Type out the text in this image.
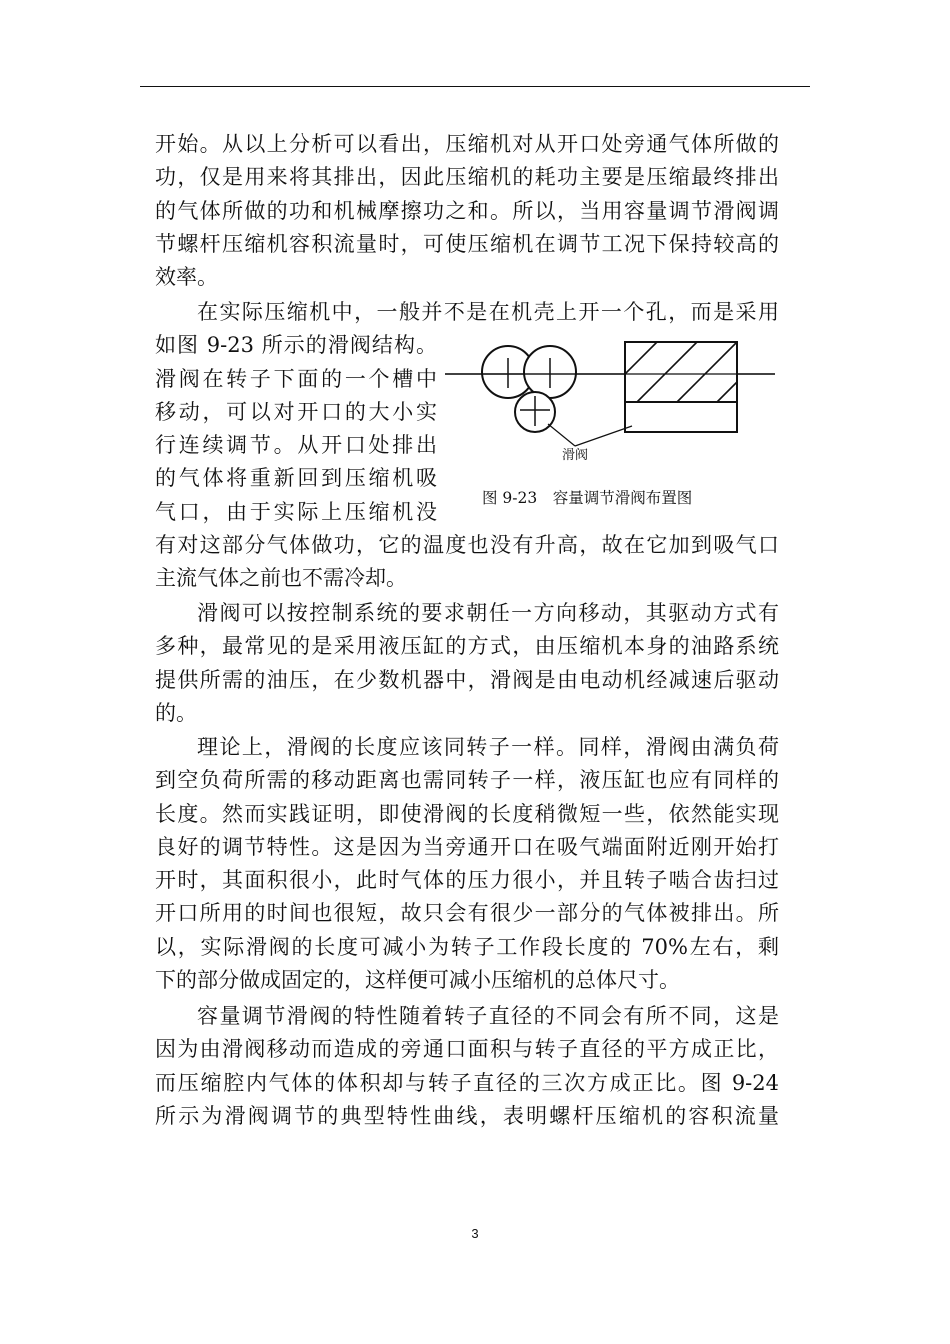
开始。从以上分析可以看出，压缩机对从开口处旁通气体所做的
功，仅是用来将其排出，因此压缩机的耗功主要是压缩最终排出
的气体所做的功和机械摩擦功之和。所以，当用容量调节滑阀调
节螺杆压缩机容积流量时，可使压缩机在调节工况下保持较高的
效率。
在实际压缩机中，一般并不是在机壳上开一个孔，而是采用
如图 9-23 所示的滑阀结构。
滑阀在转子下面的一个槽中
移动，可以对开口的大小实
行连续调节。从开口处排出
的气体将重新回到压缩机吸
气口，由于实际上压缩机没
有对这部分气体做功，它的温度也没有升高，故在它加到吸气口
主流气体之前也不需冷却。
滑阀
图 9-23　容量调节滑阀布置图
滑阀可以按控制系统的要求朝任一方向移动，其驱动方式有
多种，最常见的是采用液压缸的方式，由压缩机本身的油路系统
提供所需的油压，在少数机器中，滑阀是由电动机经减速后驱动
的。
理论上，滑阀的长度应该同转子一样。同样，滑阀由满负荷
到空负荷所需的移动距离也需同转子一样，液压缸也应有同样的
长度。然而实践证明，即使滑阀的长度稍微短一些，依然能实现
良好的调节特性。这是因为当旁通开口在吸气端面附近刚开始打
开时，其面积很小，此时气体的压力很小，并且转子啮合齿扫过
开口所用的时间也很短，故只会有很少一部分的气体被排出。所
以，实际滑阀的长度可减小为转子工作段长度的 70%左右，剩
下的部分做成固定的，这样便可减小压缩机的总体尺寸。
容量调节滑阀的特性随着转子直径的不同会有所不同，这是
因为由滑阀移动而造成的旁通口面积与转子直径的平方成正比，
而压缩腔内气体的体积却与转子直径的三次方成正比。图 9-24
所示为滑阀调节的典型特性曲线，表明螺杆压缩机的容积流量
3
